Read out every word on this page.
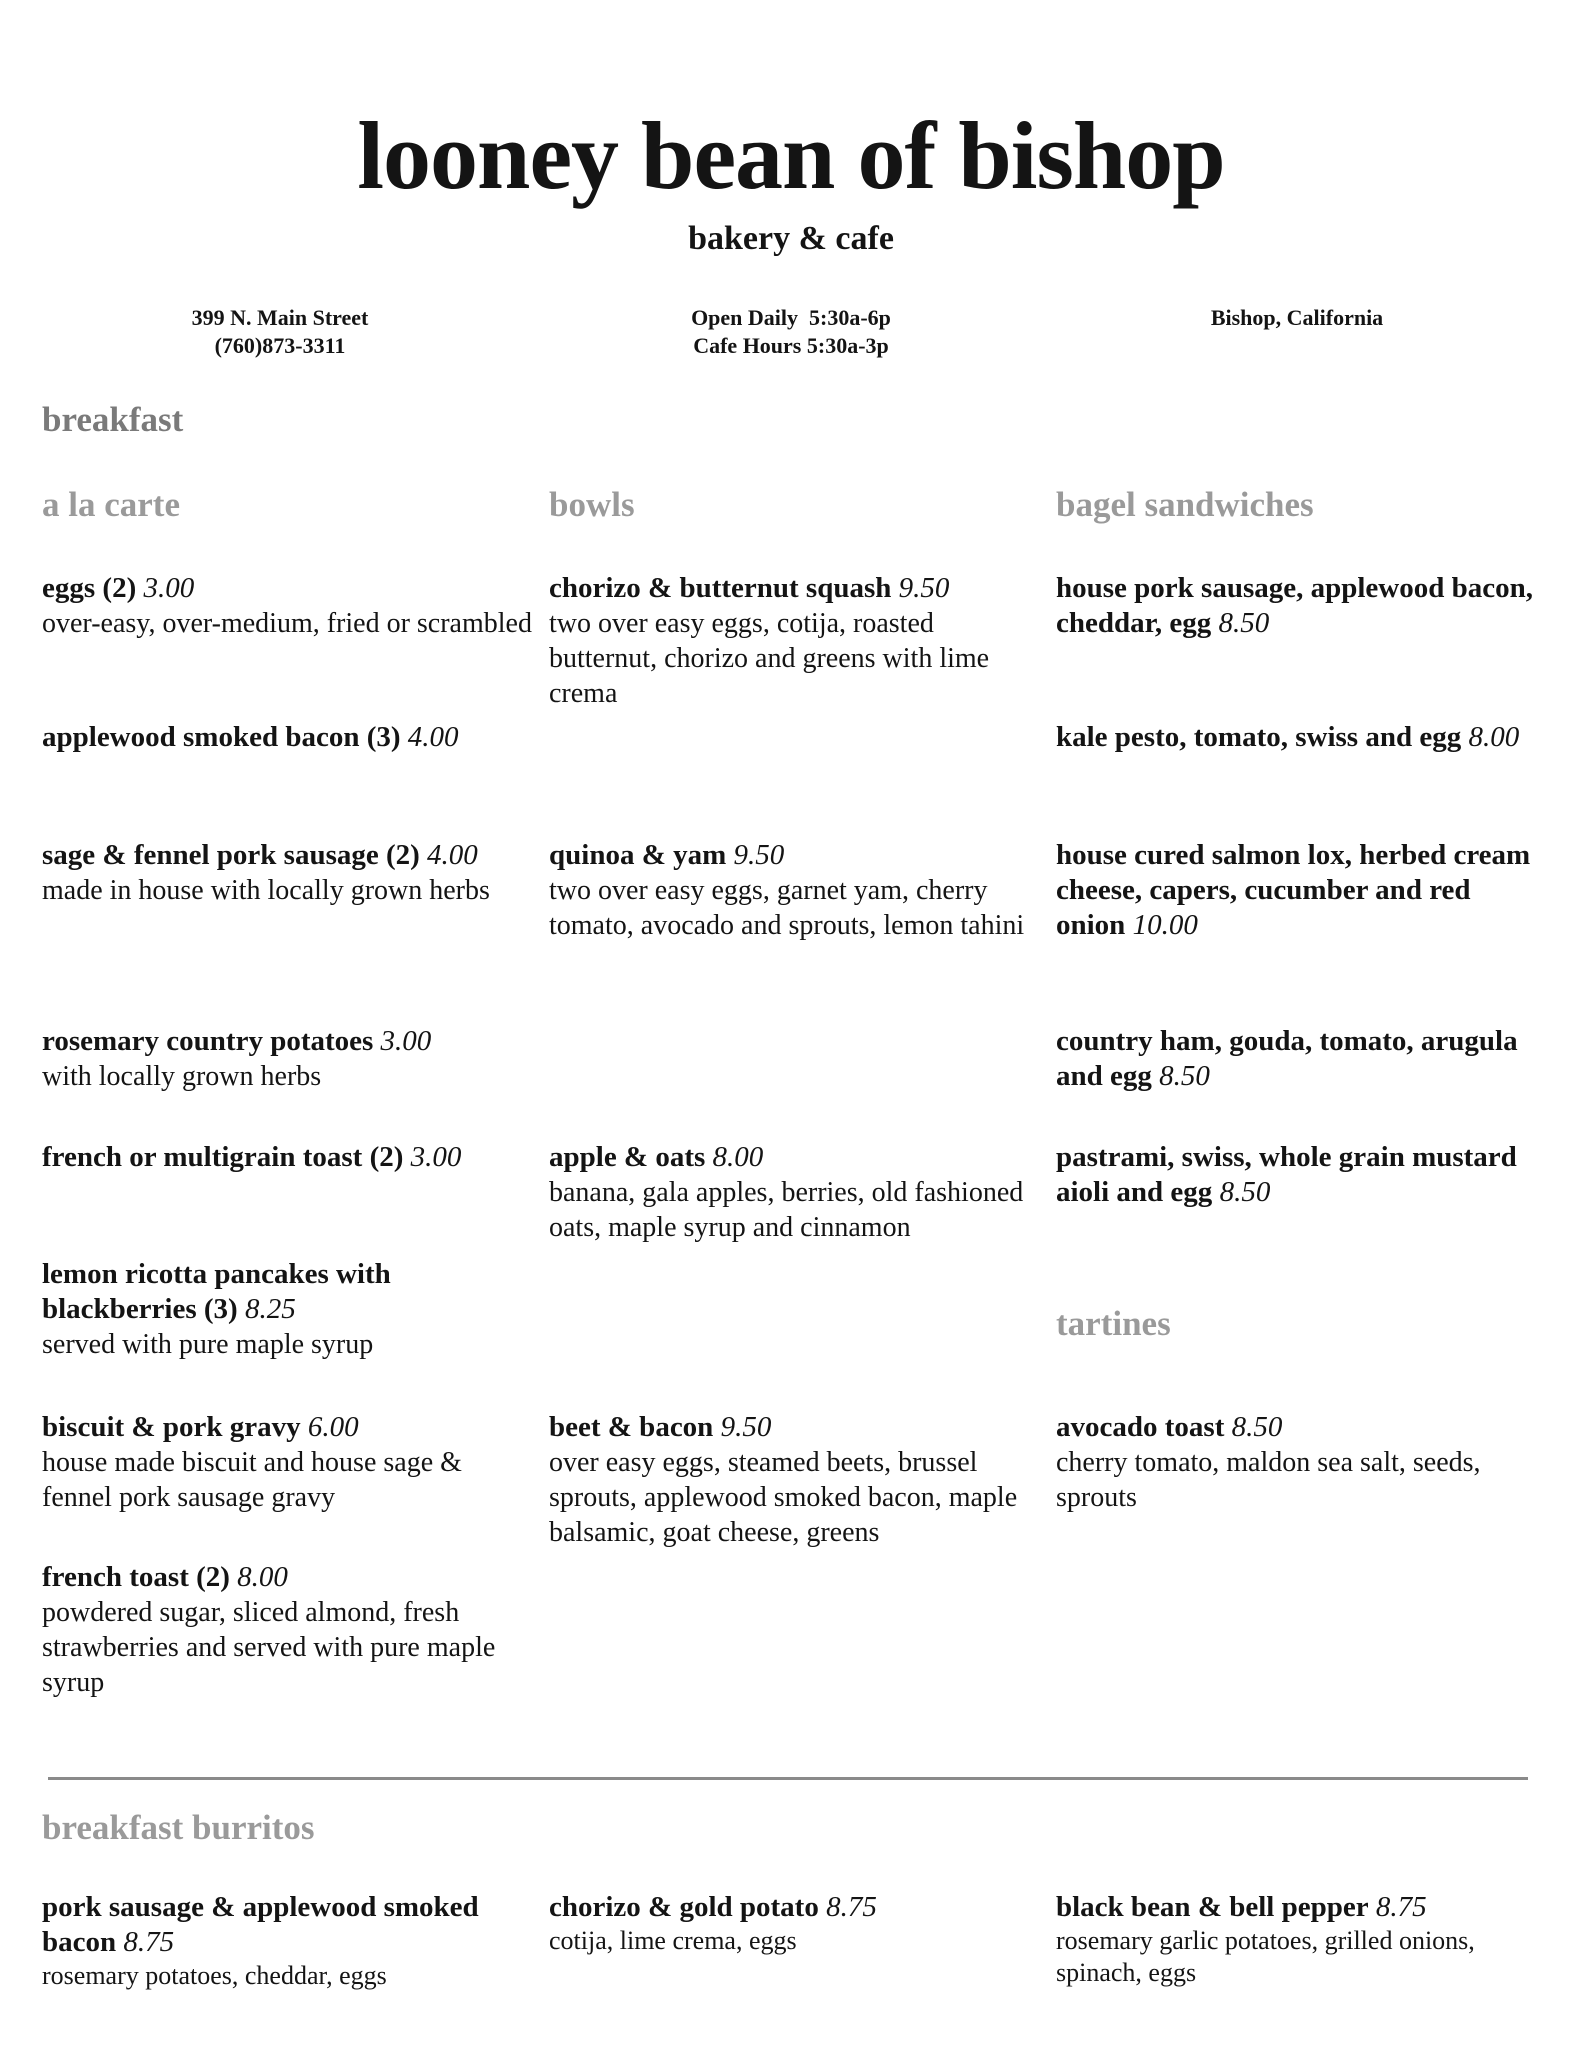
looney bean of bishop
bakery & cafe
399 N. Main Street
(760)873-3311
Open Daily  5:30a-6p
Cafe Hours 5:30a-3p
Bishop, California
breakfast
a la carte	bowls	bagel sandwiches
eggs (2) 3.00
over-easy, over-medium, fried or scrambled
applewood smoked bacon (3) 4.00
sage & fennel pork sausage (2) 4.00
made in house with locally grown herbs
rosemary country potatoes 3.00
with locally grown herbs
french or multigrain toast (2) 3.00
lemon ricotta pancakes with blackberries (3) 8.25
served with pure maple syrup
biscuit & pork gravy 6.00
house made biscuit and house sage & fennel pork sausage gravy
french toast (2) 8.00
powdered sugar, sliced almond, fresh strawberries and served with pure maple syrup
chorizo & butternut squash 9.50
two over easy eggs, cotija, roasted butternut, chorizo and greens with lime crema
quinoa & yam 9.50
two over easy eggs, garnet yam, cherry tomato, avocado and sprouts, lemon tahini
apple & oats 8.00
banana, gala apples, berries, old fashioned oats, maple syrup and cinnamon
beet & bacon 9.50
over easy eggs, steamed beets, brussel sprouts, applewood smoked bacon, maple balsamic, goat cheese, greens
house pork sausage, applewood bacon, cheddar, egg 8.50
kale pesto, tomato, swiss and egg 8.00
house cured salmon lox, herbed cream cheese, capers, cucumber and red onion 10.00
country ham, gouda, tomato, arugula and egg 8.50
pastrami, swiss, whole grain mustard aioli and egg 8.50
tartines
avocado toast 8.50
cherry tomato, maldon sea salt, seeds, sprouts
breakfast burritos
pork sausage & applewood smoked bacon 8.75
rosemary potatoes, cheddar, eggs
chorizo & gold potato 8.75
cotija, lime crema, eggs
black bean & bell pepper 8.75
rosemary garlic potatoes, grilled onions, spinach, eggs
